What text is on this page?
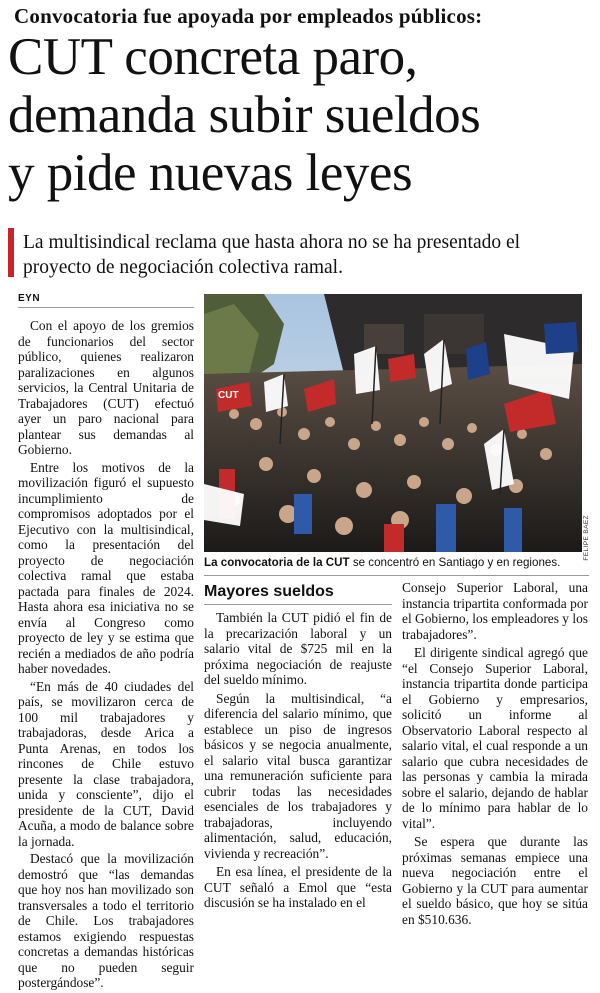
Convocatoria fue apoyada por empleados públicos:
CUT concreta paro,
demanda subir sueldos
y pide nuevas leyes
La multisindical reclama que hasta ahora no se ha presentado el proyecto de negociación colectiva ramal.
EYN

Con el apoyo de los gremios de funcionarios del sector público, quienes realizaron paralizaciones en algunos servicios, la Central Unitaria de Trabajadores (CUT) efectuó ayer un paro nacional para plantear sus demandas al Gobierno.

Entre los motivos de la movilización figuró el supuesto incumplimiento de compromisos adoptados por el Ejecutivo con la multisindical, como la presentación del proyecto de negociación colectiva ramal que estaba pactada para finales de 2024. Hasta ahora esa iniciativa no se envía al Congreso como proyecto de ley y se estima que recién a mediados de año podría haber novedades.

“En más de 40 ciudades del país, se movilizaron cerca de 100 mil trabajadores y trabajadoras, desde Arica a Punta Arenas, en todos los rincones de Chile estuvo presente la clase trabajadora, unida y consciente”, dijo el presidente de la CUT, David Acuña, a modo de balance sobre la jornada.

Destacó que la movilización demostró que “las demandas que hoy nos han movilizado son transversales a todo el territorio de Chile. Los trabajadores estamos exigiendo respuestas concretas a demandas históricas que no pueden seguir postergándose”.

CUT
FELIPE BAEZ
La convocatoria de la CUT se concentró en Santiago y en regiones.
Mayores sueldos

También la CUT pidió el fin de la precarización laboral y un salario vital de $725 mil en la próxima negociación de reajuste del sueldo mínimo.

Según la multisindical, “a diferencia del salario mínimo, que establece un piso de ingresos básicos y se negocia anualmente, el salario vital busca garantizar una remuneración suficiente para cubrir todas las necesidades esenciales de los trabajadores y trabajadoras, incluyendo alimentación, salud, educación, vivienda y recreación”.

En esa línea, el presidente de la CUT señaló a Emol que “esta discusión se ha instalado en el

Consejo Superior Laboral, una instancia tripartita conformada por el Gobierno, los empleadores y los trabajadores”.

El dirigente sindical agregó que “el Consejo Superior Laboral, instancia tripartita donde participa el Gobierno y empresarios, solicitó un informe al Observatorio Laboral respecto al salario vital, el cual responde a un salario que cubra necesidades de las personas y cambia la mirada sobre el salario, dejando de hablar de lo mínimo para hablar de lo vital”.

Se espera que durante las próximas semanas empiece una nueva negociación entre el Gobierno y la CUT para aumentar el sueldo básico, que hoy se sitúa en $510.636.
